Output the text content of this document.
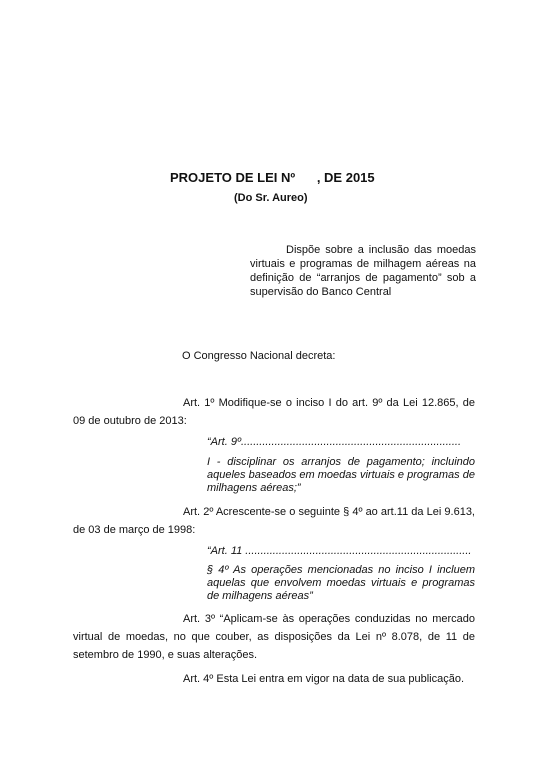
PROJETO DE LEI Nº      , DE 2015
(Do Sr. Aureo)
Dispõe sobre a inclusão das moedas virtuais e programas de milhagem aéreas na definição de “arranjos de pagamento” sob a supervisão do Banco Central
O Congresso Nacional decreta:
Art. 1º Modifique-se o inciso I do art. 9º da Lei 12.865, de 09 de outubro de 2013:
“Art. 9º........................................................................
I - disciplinar os arranjos de pagamento; incluindo aqueles baseados em moedas virtuais e programas de milhagens aéreas;”
Art. 2º Acrescente-se o seguinte § 4º ao art.11 da Lei 9.613, de 03 de março de 1998:
“Art. 11 ..........................................................................
§ 4º As operações mencionadas no inciso I incluem aquelas que envolvem moedas virtuais e programas de milhagens aéreas”
Art. 3º “Aplicam-se às operações conduzidas no mercado virtual de moedas, no que couber, as disposições da Lei nº 8.078, de 11 de setembro de 1990, e suas alterações.
Art. 4º Esta Lei entra em vigor na data de sua publicação.
